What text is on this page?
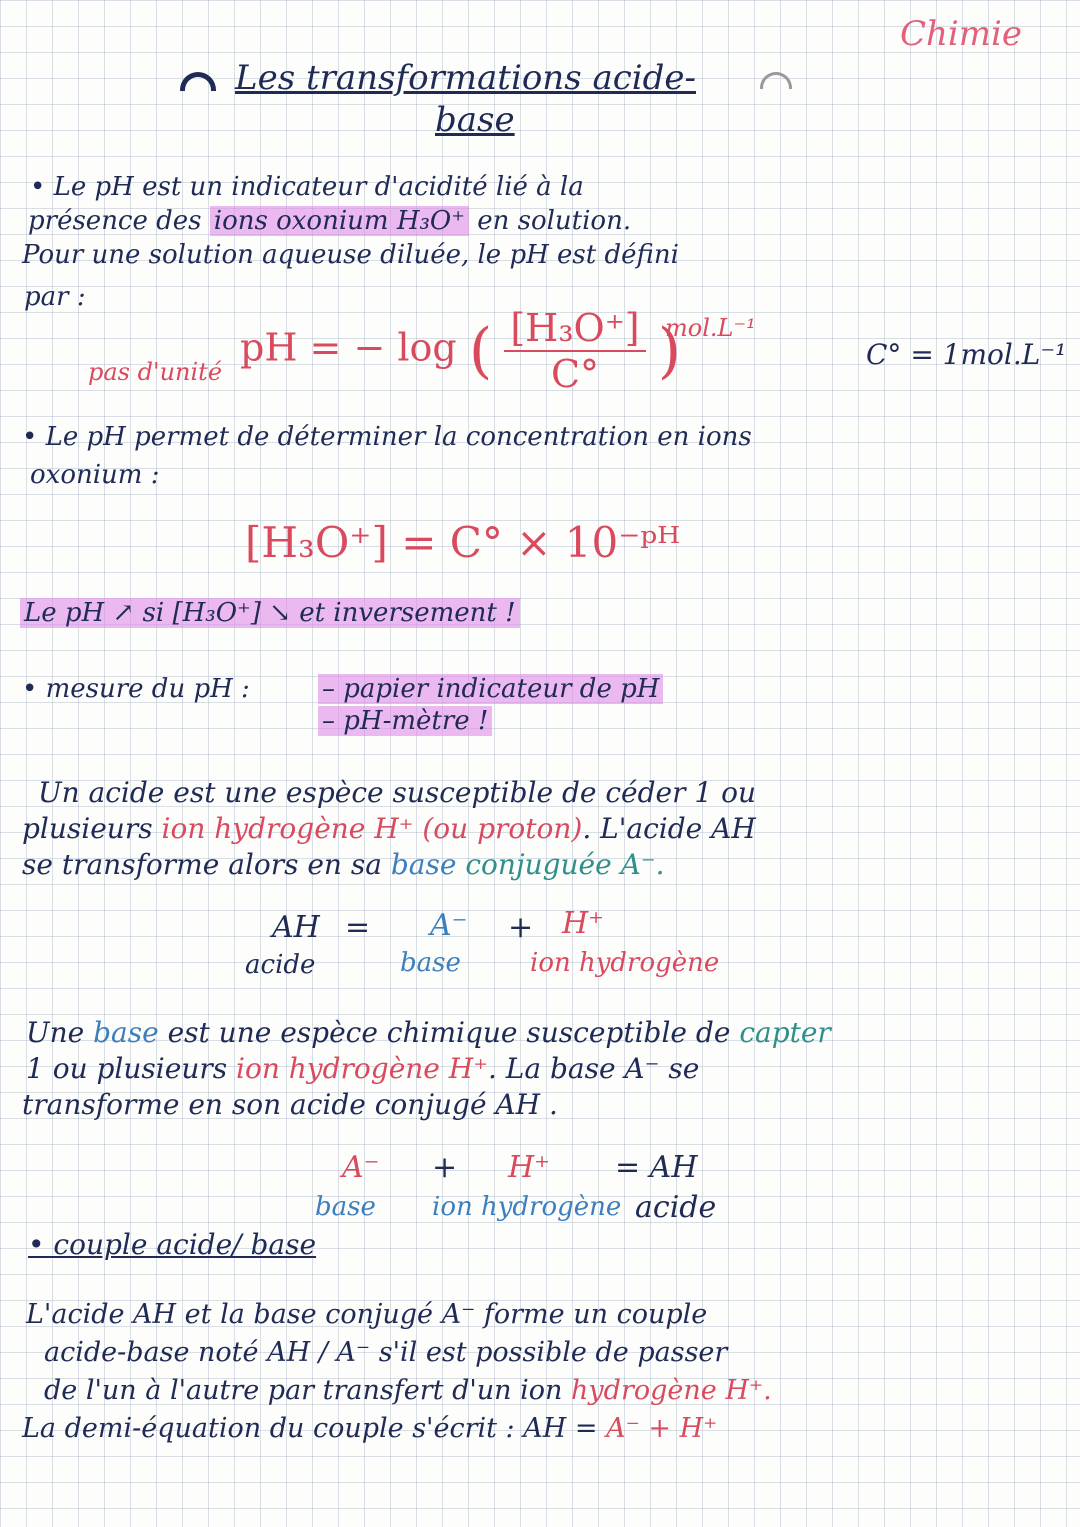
Chimie
Les transformations acide-
base
• Le pH est un indicateur d'acidité lié à la
présence des ions oxonium H₃O⁺ en solution.
Pour une solution aqueuse diluée, le pH est défini
par :
pH = − log ( $\frac{\text{[H₃O⁺]}}{C^\circ}$ )
mol.L⁻¹
pas d'unité
C° = 1mol.L⁻¹
• Le pH permet de déterminer la concentration en ions
oxonium :
[H₃O⁺] = C° × 10⁻ᵖᴴ
Le pH ↗ si [H₃O⁺] ↘ et inversement !
• mesure du pH :	– papier indicateur de pH
– pH-mètre !
Un acide est une espèce susceptible de céder 1 ou
plusieurs ion hydrogène H⁺ (ou proton). L'acide AH
se transforme alors en sa base conjuguée A⁻.
AH = A⁻ + H⁺
acide	base	ion hydrogène
Une base est une espèce chimique susceptible de capter
1 ou plusieurs ion hydrogène H⁺. La base A⁻ se
transforme en son acide conjugé AH .
A⁻ + H⁺ = AH
base ion hydrogène acide
• couple acide/ base
L'acide AH et la base conjugé A⁻ forme un couple
acide-base noté AH / A⁻ s'il est possible de passer
de l'un à l'autre par transfert d'un ion hydrogène H⁺.
La demi-équation du couple s'écrit : AH = A⁻ + H⁺
